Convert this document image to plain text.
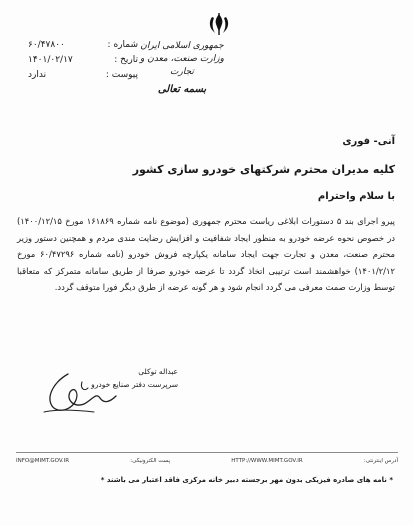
جمهوری اسلامی ایران
وزارت صنعت، معدن و تجارت
بسمه تعالی
شماره :
۶۰/۴۷۸۰۰
تاریخ :
۱۴۰۱/۰۲/۱۷
پیوست :
ندارد
آنی- فوری
کلیه مدیران محترم شرکتهای خودرو سازی کشور
با سلام واحترام
پیرو اجرای بند ۵ دستورات ابلاغی ریاست محترم جمهوری (موضوع نامه شماره ۱۶۱۸۶۹ مورخ ۱۴۰۰/۱۲/۱۵) در خصوص نحوه عرضه خودرو به منظور ایجاد شفافیت و افزایش رضایت مندی مردم و همچنین دستور وزیر محترم صنعت، معدن و تجارت جهت ایجاد سامانه یکپارچه فروش خودرو (نامه شماره ۶۰/۴۷۲۹۶ مورخ ۱۴۰۱/۲/۱۲) خواهشمند است ترتیبی اتخاذ گردد تا عرضه خودرو صرفا از طریق سامانه متمرکز که متعاقبا توسط وزارت صمت معرفی می گردد انجام شود و هر گونه عرضه از طرق دیگر فورا متوقف گردد.
عبداله توکلی
سرپرست دفتر صنایع خودرو
آدرس اینترنتی:
HTTP://WWW.MIMT.GOV.IR
پست الکترونیکی:
INFO@MIMT.GOV.IR
* نامه های صادره فیزیکی بدون مهر برجسته دبیر خانه مرکزی فاقد اعتبار می باشند *
